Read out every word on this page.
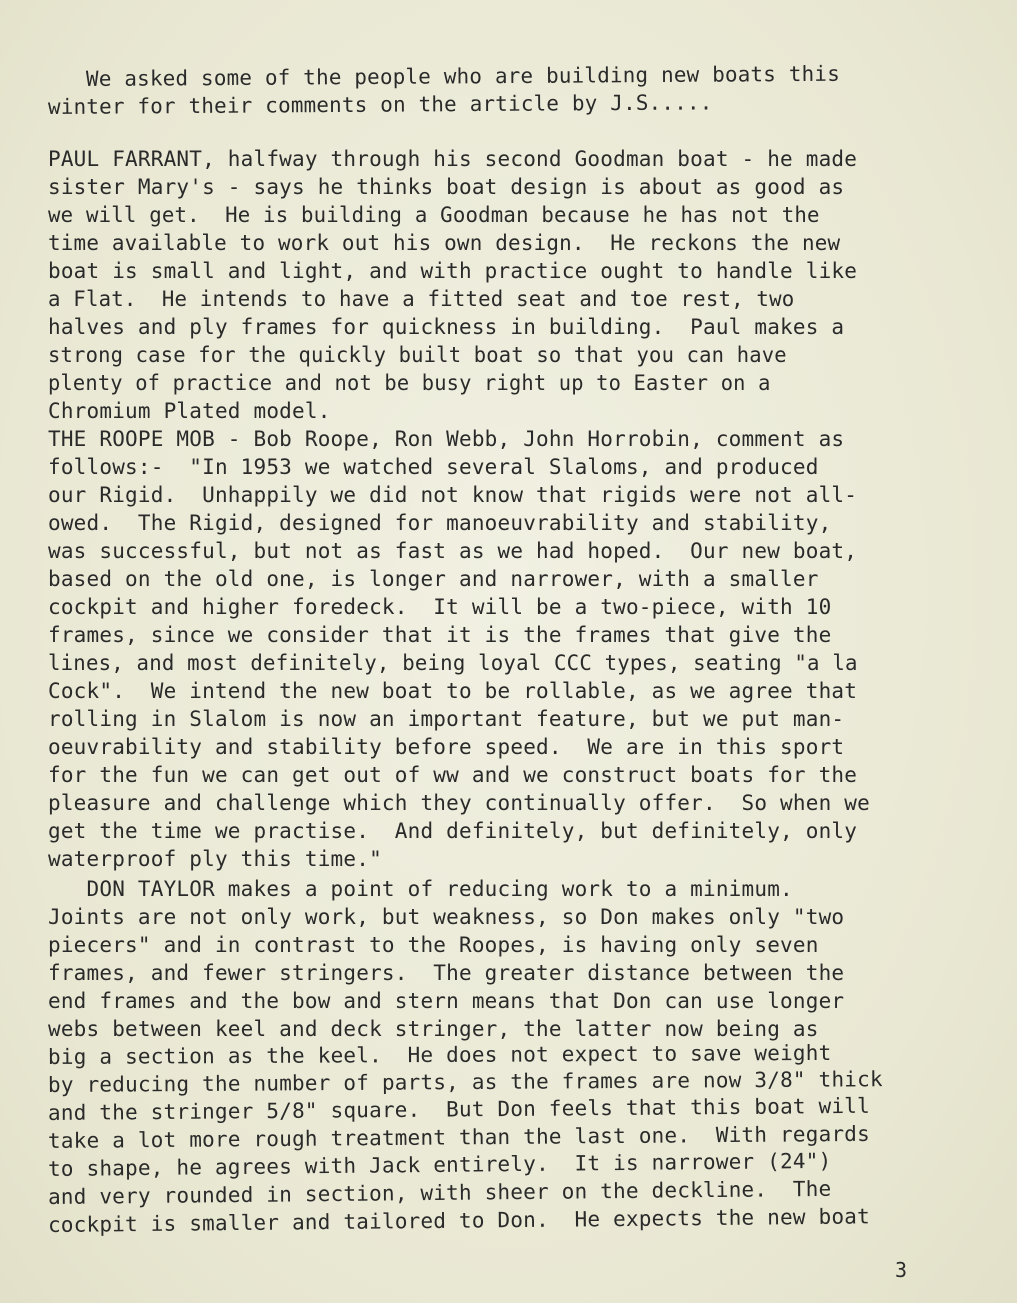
We asked some of the people who are building new boats this
winter for their comments on the article by J.S.....
PAUL FARRANT, halfway through his second Goodman boat - he made
sister Mary's - says he thinks boat design is about as good as
we will get.  He is building a Goodman because he has not the
time available to work out his own design.  He reckons the new
boat is small and light, and with practice ought to handle like
a Flat.  He intends to have a fitted seat and toe rest, two
halves and ply frames for quickness in building.  Paul makes a
strong case for the quickly built boat so that you can have
plenty of practice and not be busy right up to Easter on a
Chromium Plated model.
THE ROOPE MOB - Bob Roope, Ron Webb, John Horrobin, comment as
follows:-  "In 1953 we watched several Slaloms, and produced
our Rigid.  Unhappily we did not know that rigids were not all-
owed.  The Rigid, designed for manoeuvrability and stability,
was successful, but not as fast as we had hoped.  Our new boat,
based on the old one, is longer and narrower, with a smaller
cockpit and higher foredeck.  It will be a two-piece, with 10
frames, since we consider that it is the frames that give the
lines, and most definitely, being loyal CCC types, seating "a la
Cock".  We intend the new boat to be rollable, as we agree that
rolling in Slalom is now an important feature, but we put man-
oeuvrability and stability before speed.  We are in this sport
for the fun we can get out of ww and we construct boats for the
pleasure and challenge which they continually offer.  So when we
get the time we practise.  And definitely, but definitely, only
waterproof ply this time."
DON TAYLOR makes a point of reducing work to a minimum.
Joints are not only work, but weakness, so Don makes only "two
piecers" and in contrast to the Roopes, is having only seven
frames, and fewer stringers.  The greater distance between the
end frames and the bow and stern means that Don can use longer
webs between keel and deck stringer, the latter now being as
big a section as the keel.  He does not expect to save weight
by reducing the number of parts, as the frames are now 3/8" thick
and the stringer 5/8" square.  But Don feels that this boat will
take a lot more rough treatment than the last one.  With regards
to shape, he agrees with Jack entirely.  It is narrower (24")
and very rounded in section, with sheer on the deckline.  The
cockpit is smaller and tailored to Don.  He expects the new boat
3
